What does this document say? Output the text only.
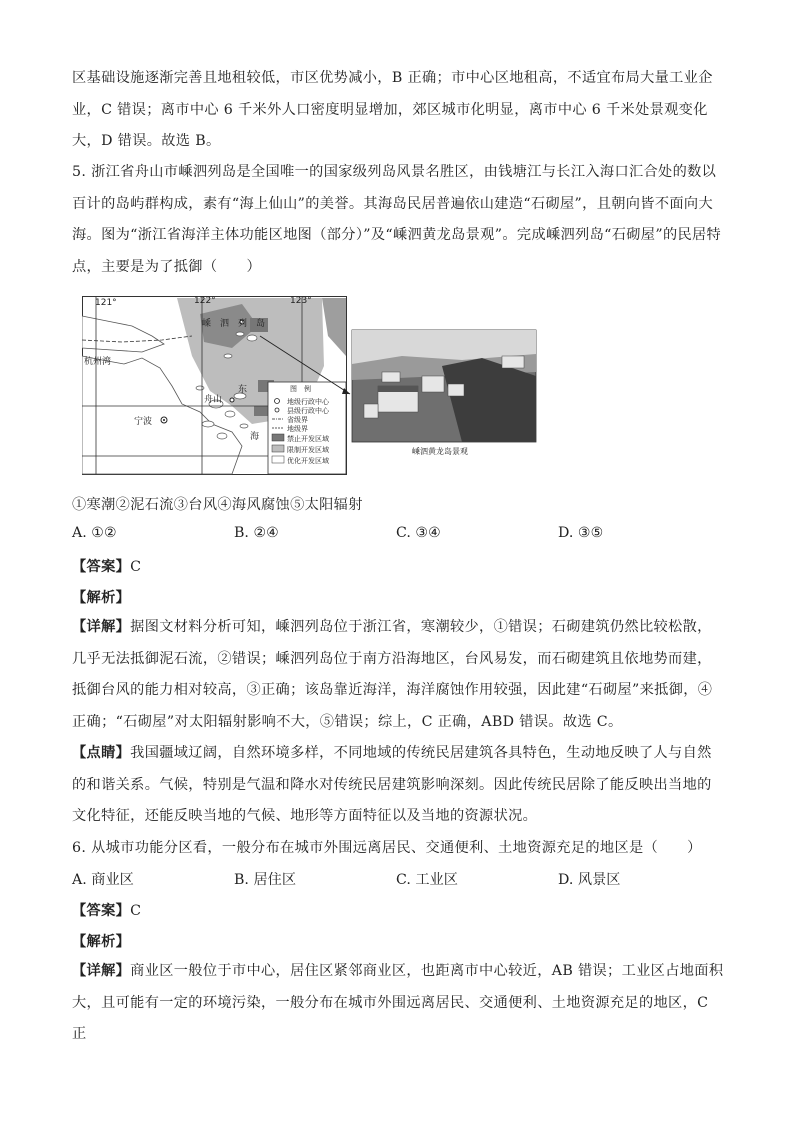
区基础设施逐渐完善且地租较低，市区优势减小，B 正确；市中心区地租高，不适宜布局大量工业企业，C 错误；离市中心 6 千米外人口密度明显增加，郊区城市化明显，离市中心 6 千米处景观变化大，D 错误。故选 B。
5. 浙江省舟山市嵊泗列岛是全国唯一的国家级列岛风景名胜区，由钱塘江与长江入海口汇合处的数以百计的岛屿群构成，素有“海上仙山”的美誉。其海岛民居普遍依山建造“石砌屋”，且朝向皆不面向大海。图为“浙江省海洋主体功能区地图（部分）”及“嵊泗黄龙岛景观”。完成嵊泗列岛“石砌屋”的民居特点，主要是为了抵御（　　）
121°	122°	123°
杭州湾
嵊　泗　列　岛
东
舟山
宁波
海
图　例
地级行政中心
县级行政中心
省级界
地级界
禁止开发区域
限制开发区域
优化开发区域
嵊泗黄龙岛景观
①寒潮②泥石流③台风④海风腐蚀⑤太阳辐射
A. ①②	B. ②④	C. ③④	D. ③⑤
【答案】C
【解析】
【详解】据图文材料分析可知，嵊泗列岛位于浙江省，寒潮较少，①错误；石砌建筑仍然比较松散，几乎无法抵御泥石流，②错误；嵊泗列岛位于南方沿海地区，台风易发，而石砌建筑且依地势而建，抵御台风的能力相对较高，③正确；该岛靠近海洋，海洋腐蚀作用较强，因此建“石砌屋”来抵御，④正确；“石砌屋”对太阳辐射影响不大，⑤错误；综上，C 正确，ABD 错误。故选 C。
【点睛】我国疆域辽阔，自然环境多样，不同地域的传统民居建筑各具特色，生动地反映了人与自然的和谐关系。气候，特别是气温和降水对传统民居建筑影响深刻。因此传统民居除了能反映出当地的文化特征，还能反映当地的气候、地形等方面特征以及当地的资源状况。
6. 从城市功能分区看，一般分布在城市外围远离居民、交通便利、土地资源充足的地区是（　　）
A. 商业区	B. 居住区	C. 工业区	D. 风景区
【答案】C
【解析】
【详解】商业区一般位于市中心，居住区紧邻商业区，也距离市中心较近，AB 错误；工业区占地面积大，且可能有一定的环境污染，一般分布在城市外围远离居民、交通便利、土地资源充足的地区，C 正
